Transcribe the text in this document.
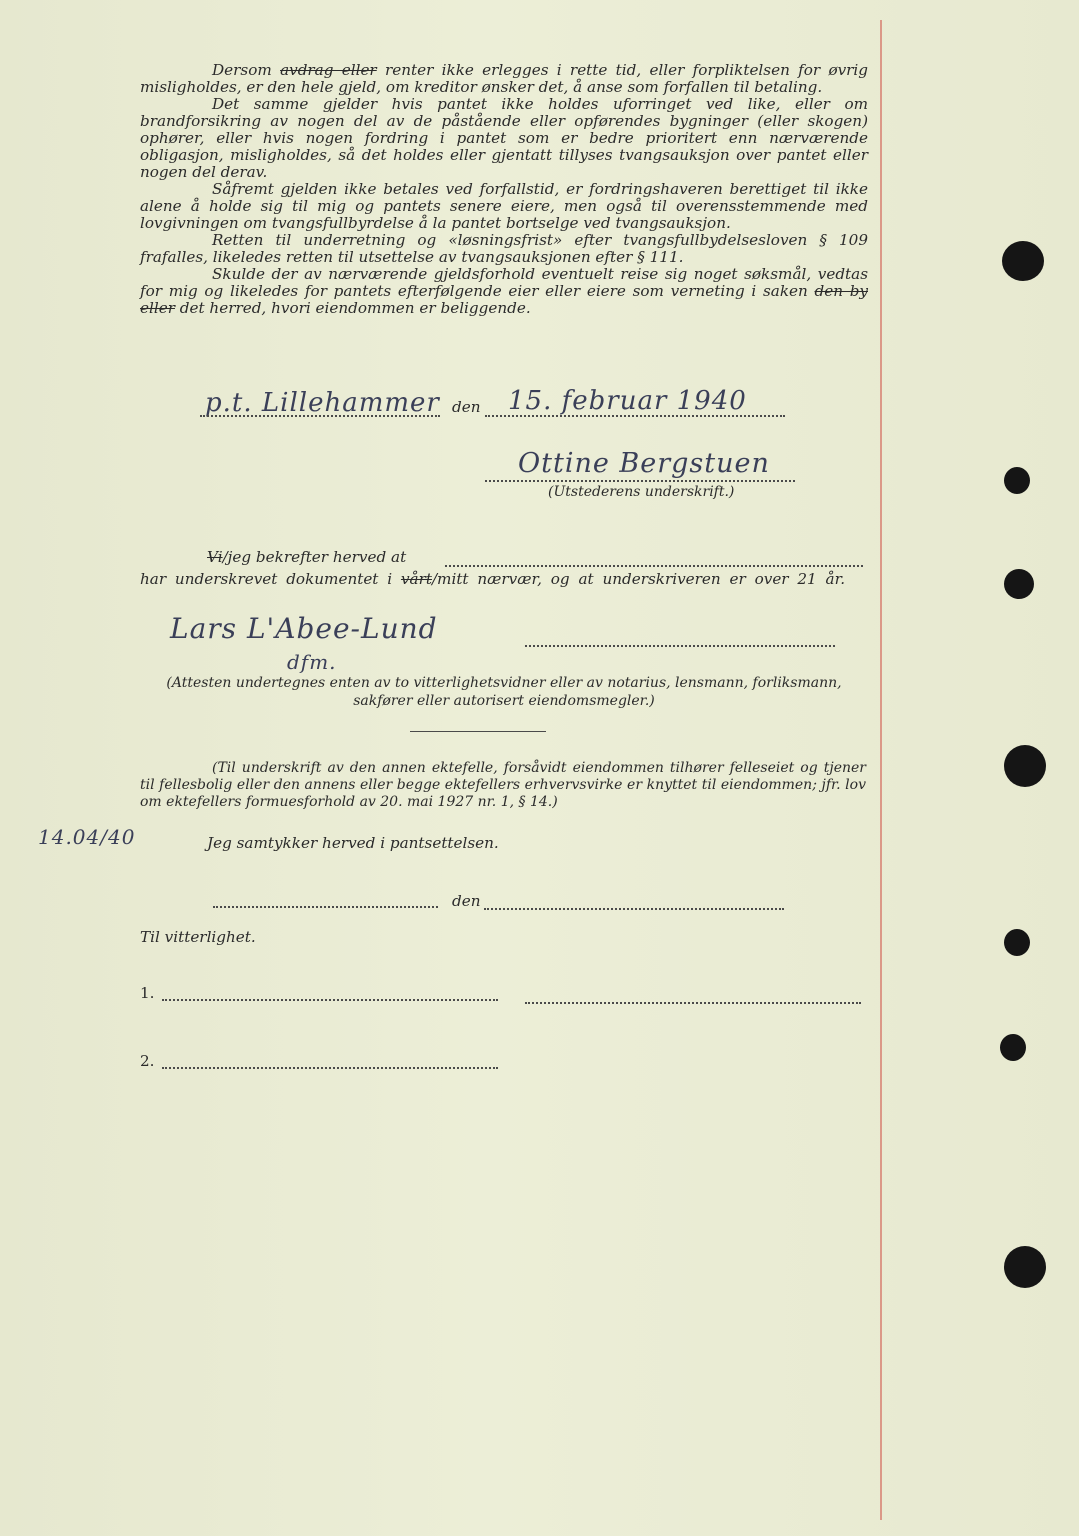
Dersom avdrag eller renter ikke erlegges i rette tid, eller forpliktelsen for øvrig misligholdes, er den hele gjeld, om kreditor ønsker det, å anse som forfallen til betaling.

Det samme gjelder hvis pantet ikke holdes uforringet ved like, eller om brandforsikring av nogen del av de påstående eller opførendes bygninger (eller skogen) ophører, eller hvis nogen fordring i pantet som er bedre prioritert enn nærværende obligasjon, misligholdes, så det holdes eller gjentatt tillyses tvangsauksjon over pantet eller nogen del derav.

Såfremt gjelden ikke betales ved forfallstid, er fordringshaveren berettiget til ikke alene å holde sig til mig og pantets senere eiere, men også til overensstemmende med lovgivningen om tvangsfullbyrdelse å la pantet bortselge ved tvangsauksjon.

Retten til underretning og «løsningsfrist» efter tvangsfullbydelsesloven § 109 frafalles, likeledes retten til utsettelse av tvangsauksjonen efter § 111.

Skulde der av nærværende gjeldsforhold eventuelt reise sig noget søksmål, vedtas for mig og likeledes for pantets efterfølgende eier eller eiere som verneting i saken den by eller det herred, hvori eiendommen er beliggende.

p.t. Lillehammer den 15. februar 1940
Ottine Bergstuen
(Utstederens underskrift.)
Vi/jeg bekrefter herved at
har underskrevet dokumentet i vårt/mitt nærvær, og at underskriveren er over 21 år.
Lars L'Abee-Lund
dfm.
(Attesten undertegnes enten av to vitterlighetsvidner eller av notarius, lensmann, forliksmann, sakfører eller autorisert eiendomsmegler.)
(Til underskrift av den annen ektefelle, forsåvidt eiendommen tilhører felleseiet og tjener til fellesbolig eller den annens eller begge ektefellers erhvervsvirke er knyttet til eiendommen; jfr. lov om ektefellers formuesforhold av 20. mai 1927 nr. 1, § 14.)
14.04/40	Jeg samtykker herved i pantsettelsen.
den
Til vitterlighet.
1.
2.
